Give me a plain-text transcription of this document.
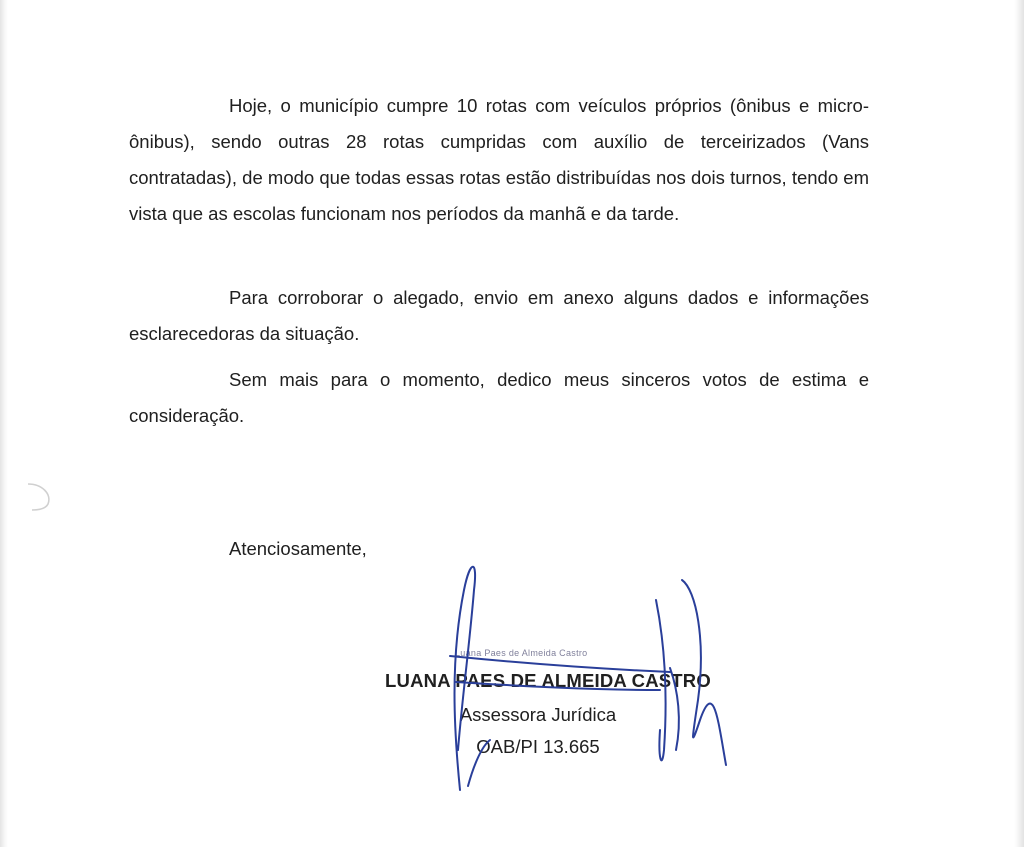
Hoje, o município cumpre 10 rotas com veículos próprios (ônibus e micro-ônibus), sendo outras 28 rotas cumpridas com auxílio de terceirizados (Vans contratadas), de modo que todas essas rotas estão distribuídas nos dois turnos, tendo em vista que as escolas funcionam nos períodos da manhã e da tarde.

Para corroborar o alegado, envio em anexo alguns dados e informações esclarecedoras da situação.

Sem mais para o momento, dedico meus sinceros votos de estima e consideração.

Atenciosamente,

Luana Paes de Almeida Castro
LUANA PAES DE ALMEIDA CASTRO
Assessora Jurídica
OAB/PI 13.665
